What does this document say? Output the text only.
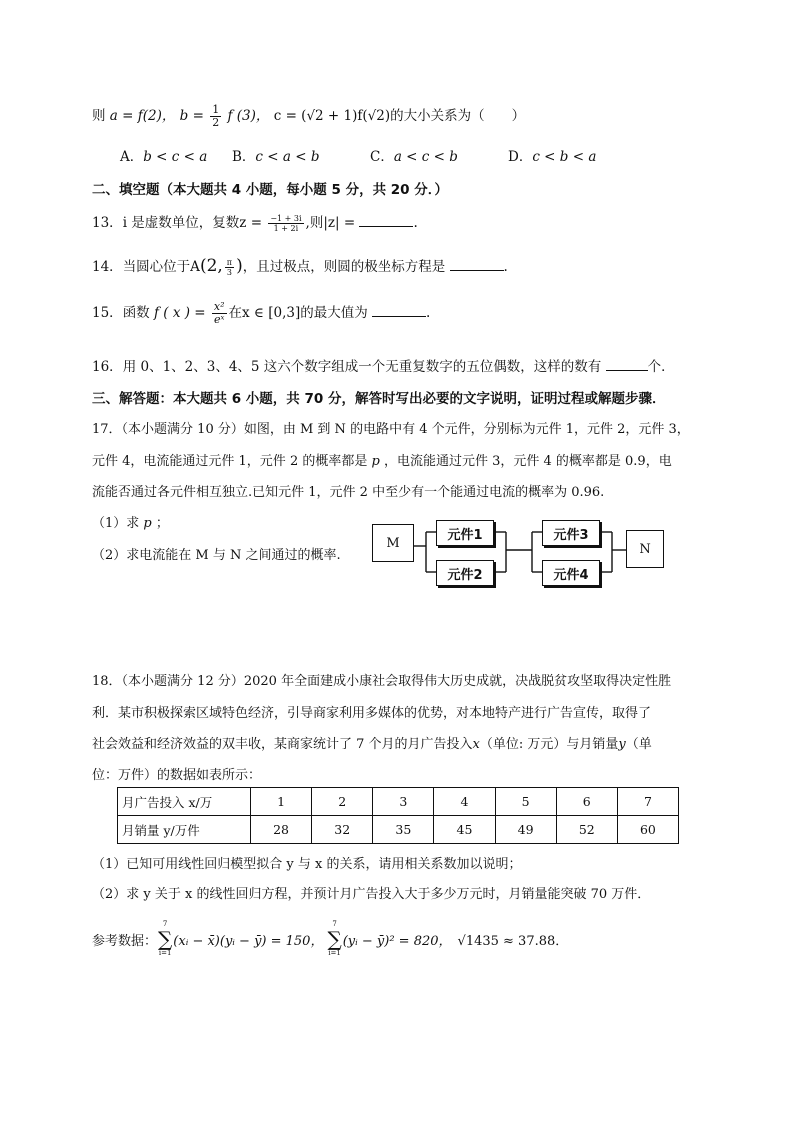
则 a = f(2)， $b = \frac{1}{2}$ f (3)， c = (√2 + 1)f(√2)的大小关系为（　　）
A．b < c < a B．c < a < b	C．a < c < b	D．c < b < a
二、填空题（本大题共 4 小题，每小题 5 分，共 20 分．）
13．i 是虚数单位，复数$z = \frac{-1 + 3i}{1 + 2i}$ ,则|z| =	.
14．当圆心位于A(2, $\frac{\pi}{3}$ )，且过极点，则圆的极坐标方程是	.
15．函数 f ( x ) = $\frac{\text{x²}}{\text{eˣ}}$ 在x ∈ [0,3]的最大值为	.
16．用 0、1、2、3、4、5 这六个数字组成一个无重复数字的五位偶数，这样的数有	个．
三、解答题：本大题共 6 小题，共 70 分，解答时写出必要的文字说明，证明过程或解题步骤．
17．（本小题满分 10 分）如图，由 M 到 N 的电路中有 4 个元件，分别标为元件 1，元件 2，元件 3，
元件 4，电流能通过元件 1，元件 2 的概率都是 p ，电流能通过元件 3，元件 4 的概率都是 0.9，电
流能否通过各元件相互独立.已知元件 1，元件 2 中至少有一个能通过电流的概率为 0.96.
（1）求 p ；
（2）求电流能在 M 与 N 之间通过的概率.
M
元件1
元件2
元件3
元件4
N
18．（本小题满分 12 分）2020 年全面建成小康社会取得伟大历史成就，决战脱贫攻坚取得决定性胜
利．某市积极探索区域特色经济，引导商家利用多媒体的优势，对本地特产进行广告宣传，取得了
社会效益和经济效益的双丰收，某商家统计了 7 个月的月广告投入x（单位: 万元）与月销量y（单
位：万件）的数据如表所示：
月广告投入 x/万	1	2	3	4	5	6	7
月销量 y/万件	28	32	35	45	49	52	60
（1）已知可用线性回归模型拟合 y 与 x 的关系，请用相关系数加以说明；
（2）求 y 关于 x 的线性回归方程，并预计月广告投入大于多少万元时，月销量能突破 70 万件．
参考数据：
7
∑
i=1
(xᵢ − x̄)(yᵢ − ȳ) = 150，
7
∑
i=1
(yᵢ − ȳ)² = 820， √1435 ≈ 37.88．
